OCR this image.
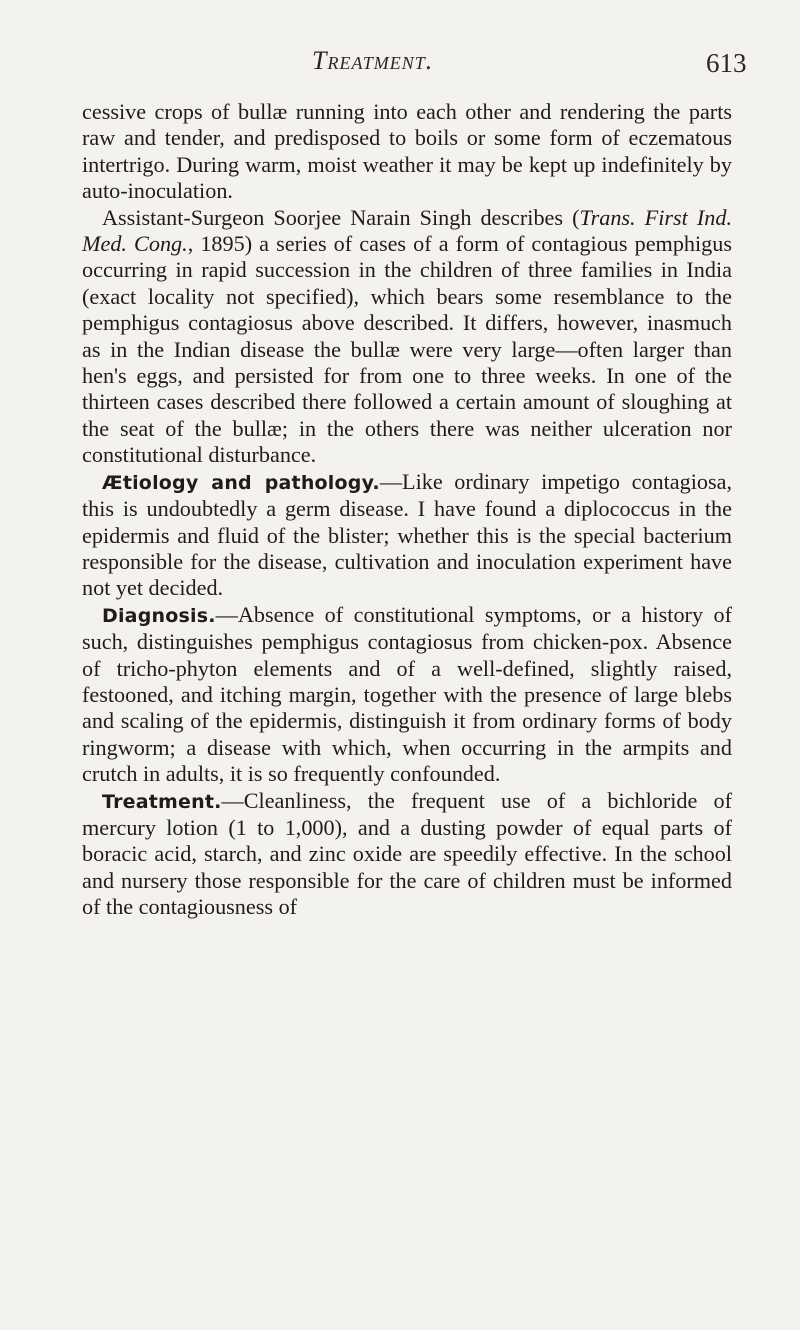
Treatment.	613

cessive crops of bullæ running into each other and rendering the parts raw and tender, and predisposed to boils or some form of eczematous intertrigo. During warm, moist weather it may be kept up indefinitely by auto-inoculation.

Assistant-Surgeon Soorjee Narain Singh describes (Trans. First Ind. Med. Cong., 1895) a series of cases of a form of contagious pemphigus occurring in rapid succession in the children of three families in India (exact locality not specified), which bears some resemblance to the pemphigus contagiosus above described. It differs, however, inasmuch as in the Indian disease the bullæ were very large—often larger than hen's eggs, and persisted for from one to three weeks. In one of the thirteen cases described there followed a certain amount of sloughing at the seat of the bullæ; in the others there was neither ulceration nor constitutional disturbance.

Ætiology and pathology.—Like ordinary impetigo contagiosa, this is undoubtedly a germ disease. I have found a diplococcus in the epidermis and fluid of the blister; whether this is the special bacterium responsible for the disease, cultivation and inoculation experiment have not yet decided.

Diagnosis.—Absence of constitutional symptoms, or a history of such, distinguishes pemphigus contagiosus from chicken-pox. Absence of tricho-phyton elements and of a well-defined, slightly raised, festooned, and itching margin, together with the presence of large blebs and scaling of the epidermis, distinguish it from ordinary forms of body ringworm; a disease with which, when occurring in the armpits and crutch in adults, it is so frequently confounded.

Treatment.—Cleanliness, the frequent use of a bichloride of mercury lotion (1 to 1,000), and a dusting powder of equal parts of boracic acid, starch, and zinc oxide are speedily effective. In the school and nursery those responsible for the care of children must be informed of the contagiousness of
